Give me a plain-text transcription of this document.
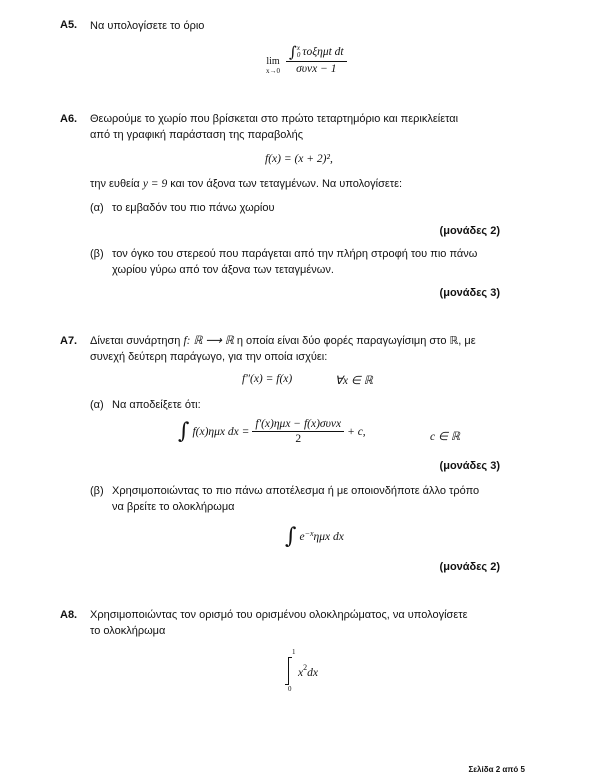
A5. Να υπολογίσετε το όριο
lim
x→0
∫ x
0 τοξημt dt
συνx − 1
A6. Θεωρούμε το χωρίο που βρίσκεται στο πρώτο τεταρτημόριο και περικλείεται
από τη γραφική παράσταση της παραβολής
f(x) = (x + 2)²,
την ευθεία y = 9 και τον άξονα των τεταγμένων. Να υπολογίσετε:
(α) το εμβαδόν του πιο πάνω χωρίου
(μονάδες 2)
(β) τον όγκο του στερεού που παράγεται από την πλήρη στροφή του πιο πάνω
χωρίου γύρω από τον άξονα των τεταγμένων.
(μονάδες 3)
A7. Δίνεται συνάρτηση f: ℝ ⟶ ℝ η οποία είναι δύο φορές παραγωγίσιμη στο ℝ, με
συνεχή δεύτερη παράγωγο, για την οποία ισχύει:
f″(x) = f(x)	∀x ∈ ℝ
(α) Να αποδείξετε ότι:
∫ f(x)ημx dx = $\frac{\text{f′(x)ημx − f(x)συνx}}{2} + c$,	c ∈ ℝ
(μονάδες 3)
(β) Χρησιμοποιώντας το πιο πάνω αποτέλεσμα ή με οποιονδήποτε άλλο τρόπο
να βρείτε το ολοκλήρωμα
∫ $e^{-x}$ ημx dx
(μονάδες 2)
A8. Χρησιμοποιώντας τον ορισμό του ορισμένου ολοκληρώματος, να υπολογίσετε
το ολοκλήρωμα
1
0
$x^2dx$
Σελίδα 2 από 5
